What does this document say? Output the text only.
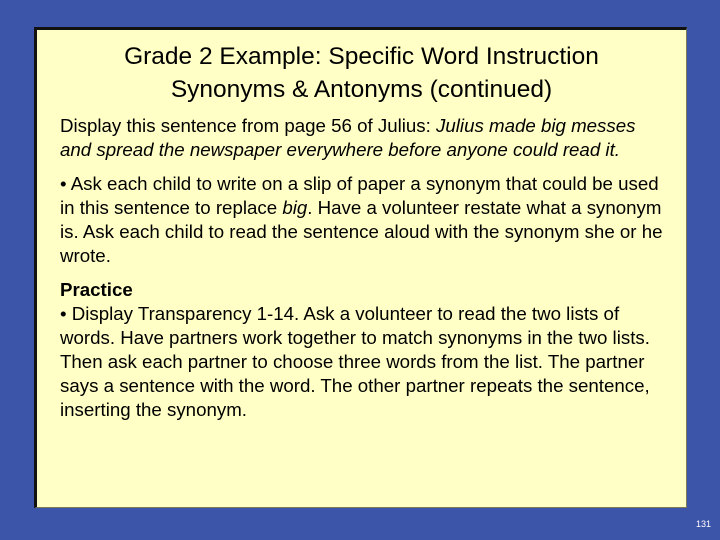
Grade 2 Example: Specific Word Instruction
Synonyms & Antonyms (continued)

Display this sentence from page 56 of Julius: Julius made big messes and spread the newspaper everywhere before anyone could read it.

• Ask each child to write on a slip of paper a synonym that could be used in this sentence to replace big. Have a volunteer restate what a synonym is. Ask each child to read the sentence aloud with the synonym she or he wrote.

Practice
• Display Transparency 1-14. Ask a volunteer to read the two lists of words. Have partners work together to match synonyms in the two lists. Then ask each partner to choose three words from the list. The partner says a sentence with the word. The other partner repeats the sentence, inserting the synonym.

131
